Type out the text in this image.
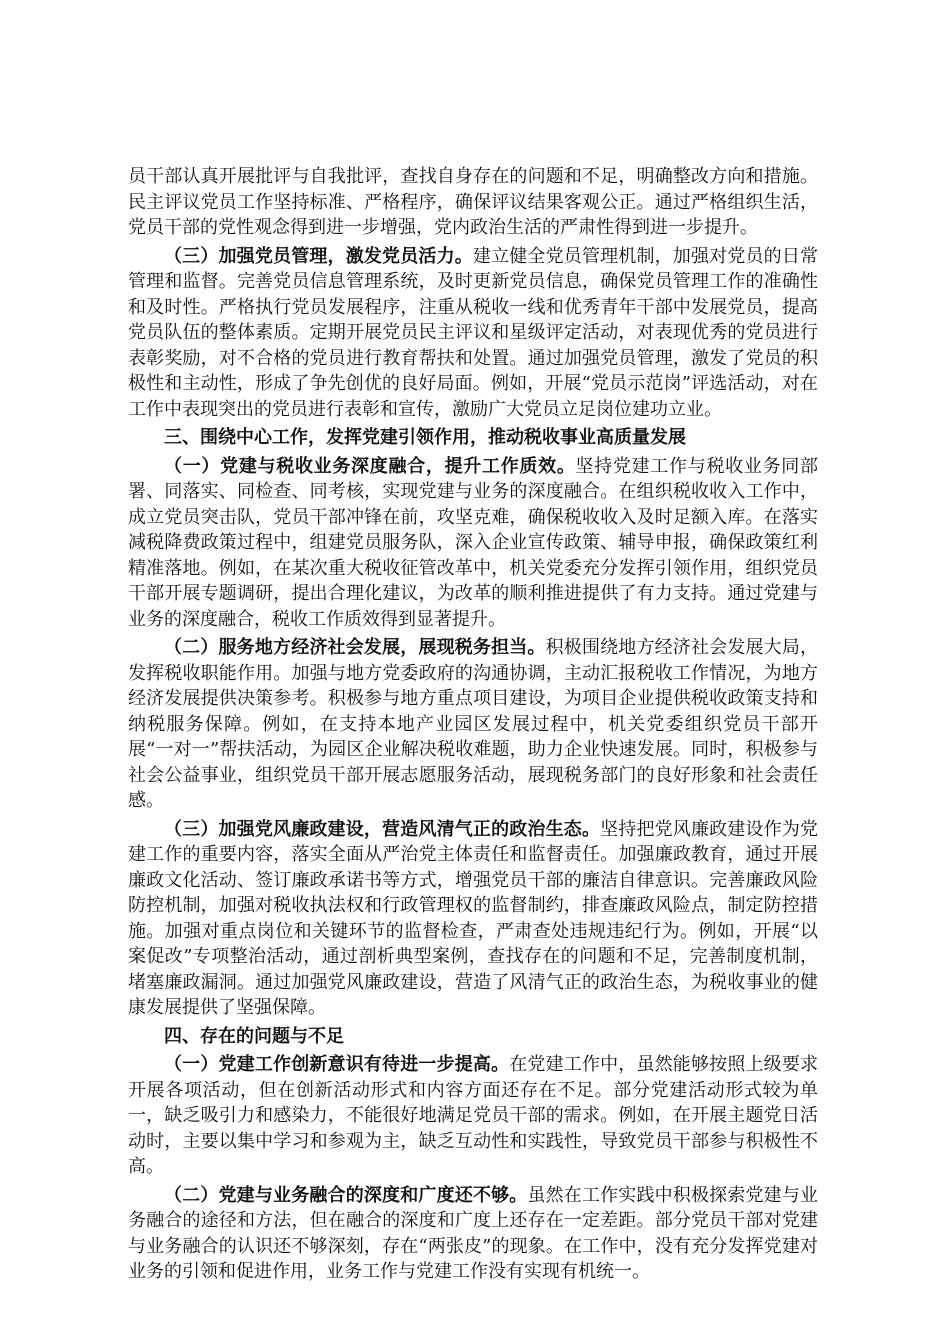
员干部认真开展批评与自我批评，查找自身存在的问题和不足，明确整改方向和措施。民主评议党员工作坚持标准、严格程序，确保评议结果客观公正。通过严格组织生活，党员干部的党性观念得到进一步增强，党内政治生活的严肃性得到进一步提升。

（三）加强党员管理，激发党员活力。建立健全党员管理机制，加强对党员的日常管理和监督。完善党员信息管理系统，及时更新党员信息，确保党员管理工作的准确性和及时性。严格执行党员发展程序，注重从税收一线和优秀青年干部中发展党员，提高党员队伍的整体素质。定期开展党员民主评议和星级评定活动，对表现优秀的党员进行表彰奖励，对不合格的党员进行教育帮扶和处置。通过加强党员管理，激发了党员的积极性和主动性，形成了争先创优的良好局面。例如，开展“党员示范岗”评选活动，对在工作中表现突出的党员进行表彰和宣传，激励广大党员立足岗位建功立业。

三、围绕中心工作，发挥党建引领作用，推动税收事业高质量发展

（一）党建与税收业务深度融合，提升工作质效。坚持党建工作与税收业务同部署、同落实、同检查、同考核，实现党建与业务的深度融合。在组织税收收入工作中，成立党员突击队，党员干部冲锋在前，攻坚克难，确保税收收入及时足额入库。在落实减税降费政策过程中，组建党员服务队，深入企业宣传政策、辅导申报，确保政策红利精准落地。例如，在某次重大税收征管改革中，机关党委充分发挥引领作用，组织党员干部开展专题调研，提出合理化建议，为改革的顺利推进提供了有力支持。通过党建与业务的深度融合，税收工作质效得到显著提升。

（二）服务地方经济社会发展，展现税务担当。积极围绕地方经济社会发展大局，发挥税收职能作用。加强与地方党委政府的沟通协调，主动汇报税收工作情况，为地方经济发展提供决策参考。积极参与地方重点项目建设，为项目企业提供税收政策支持和纳税服务保障。例如，在支持本地产业园区发展过程中，机关党委组织党员干部开展“一对一”帮扶活动，为园区企业解决税收难题，助力企业快速发展。同时，积极参与社会公益事业，组织党员干部开展志愿服务活动，展现税务部门的良好形象和社会责任感。

（三）加强党风廉政建设，营造风清气正的政治生态。坚持把党风廉政建设作为党建工作的重要内容，落实全面从严治党主体责任和监督责任。加强廉政教育，通过开展廉政文化活动、签订廉政承诺书等方式，增强党员干部的廉洁自律意识。完善廉政风险防控机制，加强对税收执法权和行政管理权的监督制约，排查廉政风险点，制定防控措施。加强对重点岗位和关键环节的监督检查，严肃查处违规违纪行为。例如，开展“以案促改”专项整治活动，通过剖析典型案例，查找存在的问题和不足，完善制度机制，堵塞廉政漏洞。通过加强党风廉政建设，营造了风清气正的政治生态，为税收事业的健康发展提供了坚强保障。

四、存在的问题与不足

（一）党建工作创新意识有待进一步提高。在党建工作中，虽然能够按照上级要求开展各项活动，但在创新活动形式和内容方面还存在不足。部分党建活动形式较为单一，缺乏吸引力和感染力，不能很好地满足党员干部的需求。例如，在开展主题党日活动时，主要以集中学习和参观为主，缺乏互动性和实践性，导致党员干部参与积极性不高。

（二）党建与业务融合的深度和广度还不够。虽然在工作实践中积极探索党建与业务融合的途径和方法，但在融合的深度和广度上还存在一定差距。部分党员干部对党建与业务融合的认识还不够深刻，存在“两张皮”的现象。在工作中，没有充分发挥党建对业务的引领和促进作用，业务工作与党建工作没有实现有机统一。
